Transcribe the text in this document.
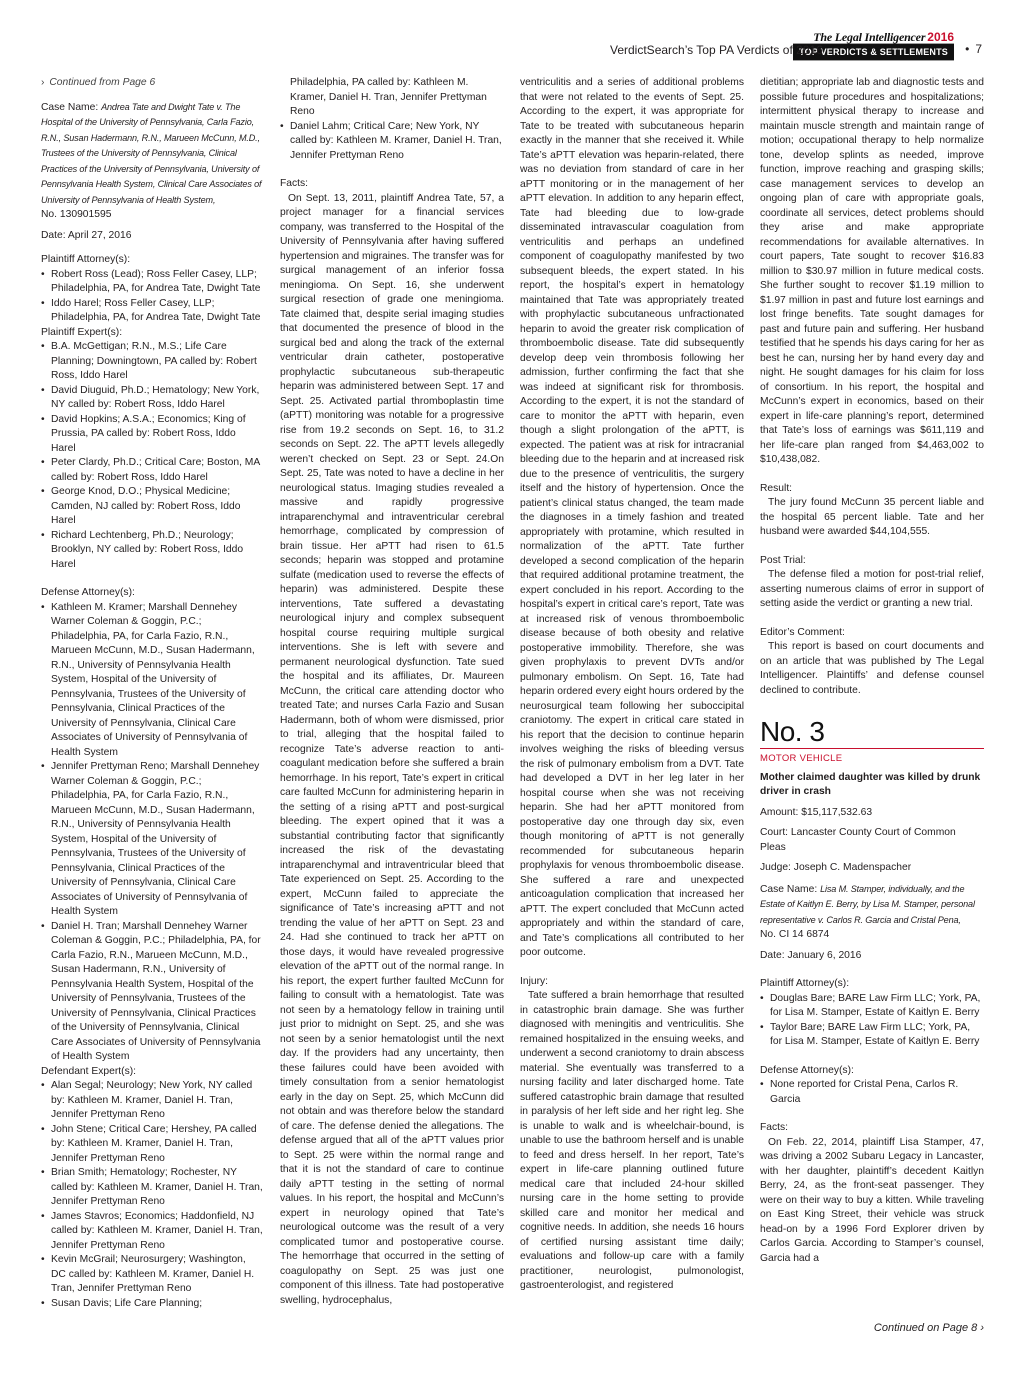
The Legal Intelligencer 2016
TOP VERDICTS & SETTLEMENTS
VerdictSearch’s Top PA Verdicts of 2016	• 7
› Continued from Page 6

Case Name: Andrea Tate and Dwight Tate v. The Hospital of the University of Pennsylvania, Carla Fazio, R.N., Susan Hadermann, R.N., Marueen McCunn, M.D., Trustees of the University of Pennsylvania, Clinical Practices of the University of Pennsylvania, University of Pennsylvania Health System, Clinical Care Associates of University of Pennsylvania of Health System,

No. 130901595

Date: April 27, 2016

Plaintiff Attorney(s):

• Robert Ross (Lead); Ross Feller Casey, LLP; Philadelphia, PA, for Andrea Tate, Dwight Tate
• Iddo Harel; Ross Feller Casey, LLP; Philadelphia, PA, for Andrea Tate, Dwight Tate

Plaintiff Expert(s):

• B.A. McGettigan; R.N., M.S.; Life Care Planning; Downingtown, PA called by: Robert Ross, Iddo Harel
• David Diuguid, Ph.D.; Hematology; New York, NY called by: Robert Ross, Iddo Harel
• David Hopkins; A.S.A.; Economics; King of Prussia, PA called by: Robert Ross, Iddo Harel
• Peter Clardy, Ph.D.; Critical Care; Boston, MA called by: Robert Ross, Iddo Harel
• George Knod, D.O.; Physical Medicine; Camden, NJ called by: Robert Ross, Iddo Harel
• Richard Lechtenberg, Ph.D.; Neurology; Brooklyn, NY called by: Robert Ross, Iddo Harel

Defense Attorney(s):

• Kathleen M. Kramer; Marshall Dennehey Warner Coleman & Goggin, P.C.; Philadelphia, PA, for Carla Fazio, R.N., Marueen McCunn, M.D., Susan Hadermann, R.N., University of Pennsylvania Health System, Hospital of the University of Pennsylvania, Trustees of the University of Pennsylvania, Clinical Practices of the University of Pennsylvania, Clinical Care Associates of University of Pennsylvania of Health System
• Jennifer Prettyman Reno; Marshall Dennehey Warner Coleman & Goggin, P.C.; Philadelphia, PA, for Carla Fazio, R.N., Marueen McCunn, M.D., Susan Hadermann, R.N., University of Pennsylvania Health System, Hospital of the University of Pennsylvania, Trustees of the University of Pennsylvania, Clinical Practices of the University of Pennsylvania, Clinical Care Associates of University of Pennsylvania of Health System
• Daniel H. Tran; Marshall Dennehey Warner Coleman & Goggin, P.C.; Philadelphia, PA, for Carla Fazio, R.N., Marueen McCunn, M.D., Susan Hadermann, R.N., University of Pennsylvania Health System, Hospital of the University of Pennsylvania, Trustees of the University of Pennsylvania, Clinical Practices of the University of Pennsylvania, Clinical Care Associates of University of Pennsylvania of Health System

Defendant Expert(s):

• Alan Segal; Neurology; New York, NY called by: Kathleen M. Kramer, Daniel H. Tran, Jennifer Prettyman Reno
• John Stene; Critical Care; Hershey, PA called by: Kathleen M. Kramer, Daniel H. Tran, Jennifer Prettyman Reno
• Brian Smith; Hematology; Rochester, NY called by: Kathleen M. Kramer, Daniel H. Tran, Jennifer Prettyman Reno
• James Stavros; Economics; Haddonfield, NJ called by: Kathleen M. Kramer, Daniel H. Tran, Jennifer Prettyman Reno
• Kevin McGrail; Neurosurgery; Washington, DC called by: Kathleen M. Kramer, Daniel H. Tran, Jennifer Prettyman Reno
• Susan Davis; Life Care Planning;

Philadelphia, PA called by: Kathleen M. Kramer, Daniel H. Tran, Jennifer Prettyman Reno

• Daniel Lahm; Critical Care; New York, NY called by: Kathleen M. Kramer, Daniel H. Tran, Jennifer Prettyman Reno

Facts:

On Sept. 13, 2011, plaintiff Andrea Tate, 57, a project manager for a financial services company, was transferred to the Hospital of the University of Pennsylvania after having suffered hypertension and migraines. The transfer was for surgical management of an inferior fossa meningioma. On Sept. 16, she underwent surgical resection of grade one meningioma. Tate claimed that, despite serial imaging studies that documented the presence of blood in the surgical bed and along the track of the external ventricular drain catheter, postoperative prophylactic subcutaneous sub-therapeutic heparin was administered between Sept. 17 and Sept. 25. Activated partial thromboplastin time (aPTT) monitoring was notable for a progressive rise from 19.2 seconds on Sept. 16, to 31.2 seconds on Sept. 22. The aPTT levels allegedly weren’t checked on Sept. 23 or Sept. 24.On Sept. 25, Tate was noted to have a decline in her neurological status. Imaging studies revealed a massive and rapidly progressive intraparenchymal and intraventricular cerebral hemorrhage, complicated by compression of brain tissue. Her aPTT had risen to 61.5 seconds; heparin was stopped and protamine sulfate (medication used to reverse the effects of heparin) was administered. Despite these interventions, Tate suffered a devastating neurological injury and complex subsequent hospital course requiring multiple surgical interventions. She is left with severe and permanent neurological dysfunction. Tate sued the hospital and its affiliates, Dr. Maureen McCunn, the critical care attending doctor who treated Tate; and nurses Carla Fazio and Susan Hadermann, both of whom were dismissed, prior to trial, alleging that the hospital failed to recognize Tate’s adverse reaction to anti-coagulant medication before she suffered a brain hemorrhage. In his report, Tate’s expert in critical care faulted McCunn for administering heparin in the setting of a rising aPTT and post-surgical bleeding. The expert opined that it was a substantial contributing factor that significantly increased the risk of the devastating intraparenchymal and intraventricular bleed that Tate experienced on Sept. 25. According to the expert, McCunn failed to appreciate the significance of Tate’s increasing aPTT and not trending the value of her aPTT on Sept. 23 and 24. Had she continued to track her aPTT on those days, it would have revealed progressive elevation of the aPTT out of the normal range. In his report, the expert further faulted McCunn for failing to consult with a hematologist. Tate was not seen by a hematology fellow in training until just prior to midnight on Sept. 25, and she was not seen by a senior hematologist until the next day. If the providers had any uncertainty, then these failures could have been avoided with timely consultation from a senior hematologist early in the day on Sept. 25, which McCunn did not obtain and was therefore below the standard of care. The defense denied the allegations. The defense argued that all of the aPTT values prior to Sept. 25 were within the normal range and that it is not the standard of care to continue daily aPTT testing in the setting of normal values. In his report, the hospital and McCunn’s expert in neurology opined that Tate’s neurological outcome was the result of a very complicated tumor and postoperative course. The hemorrhage that occurred in the setting of coagulopathy on Sept. 25 was just one component of this illness. Tate had postoperative swelling, hydrocephalus,

ventriculitis and a series of additional problems that were not related to the events of Sept. 25. According to the expert, it was appropriate for Tate to be treated with subcutaneous heparin exactly in the manner that she received it. While Tate’s aPTT elevation was heparin-related, there was no deviation from standard of care in her aPTT monitoring or in the management of her aPTT elevation. In addition to any heparin effect, Tate had bleeding due to low-grade disseminated intravascular coagulation from ventriculitis and perhaps an undefined component of coagulopathy manifested by two subsequent bleeds, the expert stated. In his report, the hospital’s expert in hematology maintained that Tate was appropriately treated with prophylactic subcutaneous unfractionated heparin to avoid the greater risk complication of thromboembolic disease. Tate did subsequently develop deep vein thrombosis following her admission, further confirming the fact that she was indeed at significant risk for thrombosis. According to the expert, it is not the standard of care to monitor the aPTT with heparin, even though a slight prolongation of the aPTT, is expected. The patient was at risk for intracranial bleeding due to the heparin and at increased risk due to the presence of ventriculitis, the surgery itself and the history of hypertension. Once the patient’s clinical status changed, the team made the diagnoses in a timely fashion and treated appropriately with protamine, which resulted in normalization of the aPTT. Tate further developed a second complication of the heparin that required additional protamine treatment, the expert concluded in his report. According to the hospital’s expert in critical care’s report, Tate was at increased risk of venous thromboembolic disease because of both obesity and relative postoperative immobility. Therefore, she was given prophylaxis to prevent DVTs and/or pulmonary embolism. On Sept. 16, Tate had heparin ordered every eight hours ordered by the neurosurgical team following her suboccipital craniotomy. The expert in critical care stated in his report that the decision to continue heparin involves weighing the risks of bleeding versus the risk of pulmonary embolism from a DVT. Tate had developed a DVT in her leg later in her hospital course when she was not receiving heparin. She had her aPTT monitored from postoperative day one through day six, even though monitoring of aPTT is not generally recommended for subcutaneous heparin prophylaxis for venous thromboembolic disease. She suffered a rare and unexpected anticoagulation complication that increased her aPTT. The expert concluded that McCunn acted appropriately and within the standard of care, and Tate’s complications all contributed to her poor outcome.

Injury:

Tate suffered a brain hemorrhage that resulted in catastrophic brain damage. She was further diagnosed with meningitis and ventriculitis. She remained hospitalized in the ensuing weeks, and underwent a second craniotomy to drain abscess material. She eventually was transferred to a nursing facility and later discharged home. Tate suffered catastrophic brain damage that resulted in paralysis of her left side and her right leg. She is unable to walk and is wheelchair-bound, is unable to use the bathroom herself and is unable to feed and dress herself. In her report, Tate’s expert in life-care planning outlined future medical care that included 24-hour skilled nursing care in the home setting to provide skilled care and monitor her medical and cognitive needs. In addition, she needs 16 hours of certified nursing assistant time daily; evaluations and follow-up care with a family practitioner, neurologist, pulmonologist, gastroenterologist, and registered

dietitian; appropriate lab and diagnostic tests and possible future procedures and hospitalizations; intermittent physical therapy to increase and maintain muscle strength and maintain range of motion; occupational therapy to help normalize tone, develop splints as needed, improve function, improve reaching and grasping skills; case management services to develop an ongoing plan of care with appropriate goals, coordinate all services, detect problems should they arise and make appropriate recommendations for available alternatives. In court papers, Tate sought to recover $16.83 million to $30.97 million in future medical costs. She further sought to recover $1.19 million to $1.97 million in past and future lost earnings and lost fringe benefits. Tate sought damages for past and future pain and suffering. Her husband testified that he spends his days caring for her as best he can, nursing her by hand every day and night. He sought damages for his claim for loss of consortium. In his report, the hospital and McCunn’s expert in economics, based on their expert in life-care planning’s report, determined that Tate’s loss of earnings was $611,119 and her life-care plan ranged from $4,463,002 to $10,438,082.

Result:

The jury found McCunn 35 percent liable and the hospital 65 percent liable. Tate and her husband were awarded $44,104,555.

Post Trial:

The defense filed a motion for post-trial relief, asserting numerous claims of error in support of setting aside the verdict or granting a new trial.

Editor’s Comment:

This report is based on court documents and on an article that was published by The Legal Intelligencer. Plaintiffs’ and defense counsel declined to contribute.

No. 3
MOTOR VEHICLE
Mother claimed daughter was killed by drunk driver in crash

Amount: $15,117,532.63

Court: Lancaster County Court of Common Pleas

Judge: Joseph C. Madenspacher

Case Name: Lisa M. Stamper, individually, and the Estate of Kaitlyn E. Berry, by Lisa M. Stamper, personal representative v. Carlos R. Garcia and Cristal Pena,

No. CI 14 6874

Date: January 6, 2016

Plaintiff Attorney(s):

• Douglas Bare; BARE Law Firm LLC; York, PA, for Lisa M. Stamper, Estate of Kaitlyn E. Berry
• Taylor Bare; BARE Law Firm LLC; York, PA, for Lisa M. Stamper, Estate of Kaitlyn E. Berry

Defense Attorney(s):

• None reported for Cristal Pena, Carlos R. Garcia

Facts:

On Feb. 22, 2014, plaintiff Lisa Stamper, 47, was driving a 2002 Subaru Legacy in Lancaster, with her daughter, plaintiff’s decedent Kaitlyn Berry, 24, as the front-seat passenger. They were on their way to buy a kitten. While traveling on East King Street, their vehicle was struck head-on by a 1996 Ford Explorer driven by Carlos Garcia. According to Stamper’s counsel, Garcia had a

Continued on Page 8 ›
